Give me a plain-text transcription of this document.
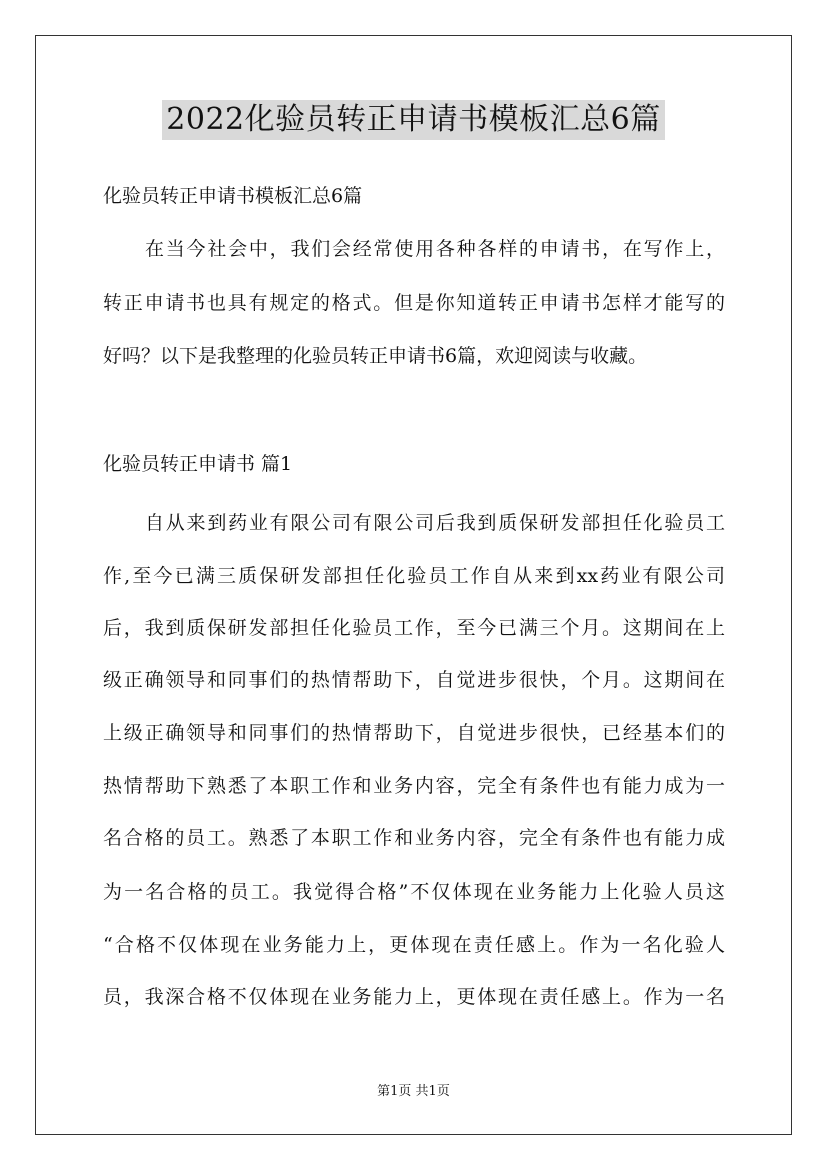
2022化验员转正申请书模板汇总6篇
化验员转正申请书模板汇总6篇
在当今社会中，我们会经常使用各种各样的申请书，在写作上，
转正申请书也具有规定的格式。但是你知道转正申请书怎样才能写的
好吗？以下是我整理的化验员转正申请书6篇，欢迎阅读与收藏。
化验员转正申请书 篇1
自从来到药业有限公司有限公司后我到质保研发部担任化验员工
作,至今已满三质保研发部担任化验员工作自从来到xx药业有限公司
后，我到质保研发部担任化验员工作，至今已满三个月。这期间在上
级正确领导和同事们的热情帮助下，自觉进步很快，个月。这期间在
上级正确领导和同事们的热情帮助下，自觉进步很快，已经基本们的
热情帮助下熟悉了本职工作和业务内容，完全有条件也有能力成为一
名合格的员工。熟悉了本职工作和业务内容，完全有条件也有能力成
为一名合格的员工。我觉得合格”不仅体现在业务能力上化验人员这
“合格不仅体现在业务能力上，更体现在责任感上。作为一名化验人
员，我深合格不仅体现在业务能力上，更体现在责任感上。作为一名
第1页 共1页
